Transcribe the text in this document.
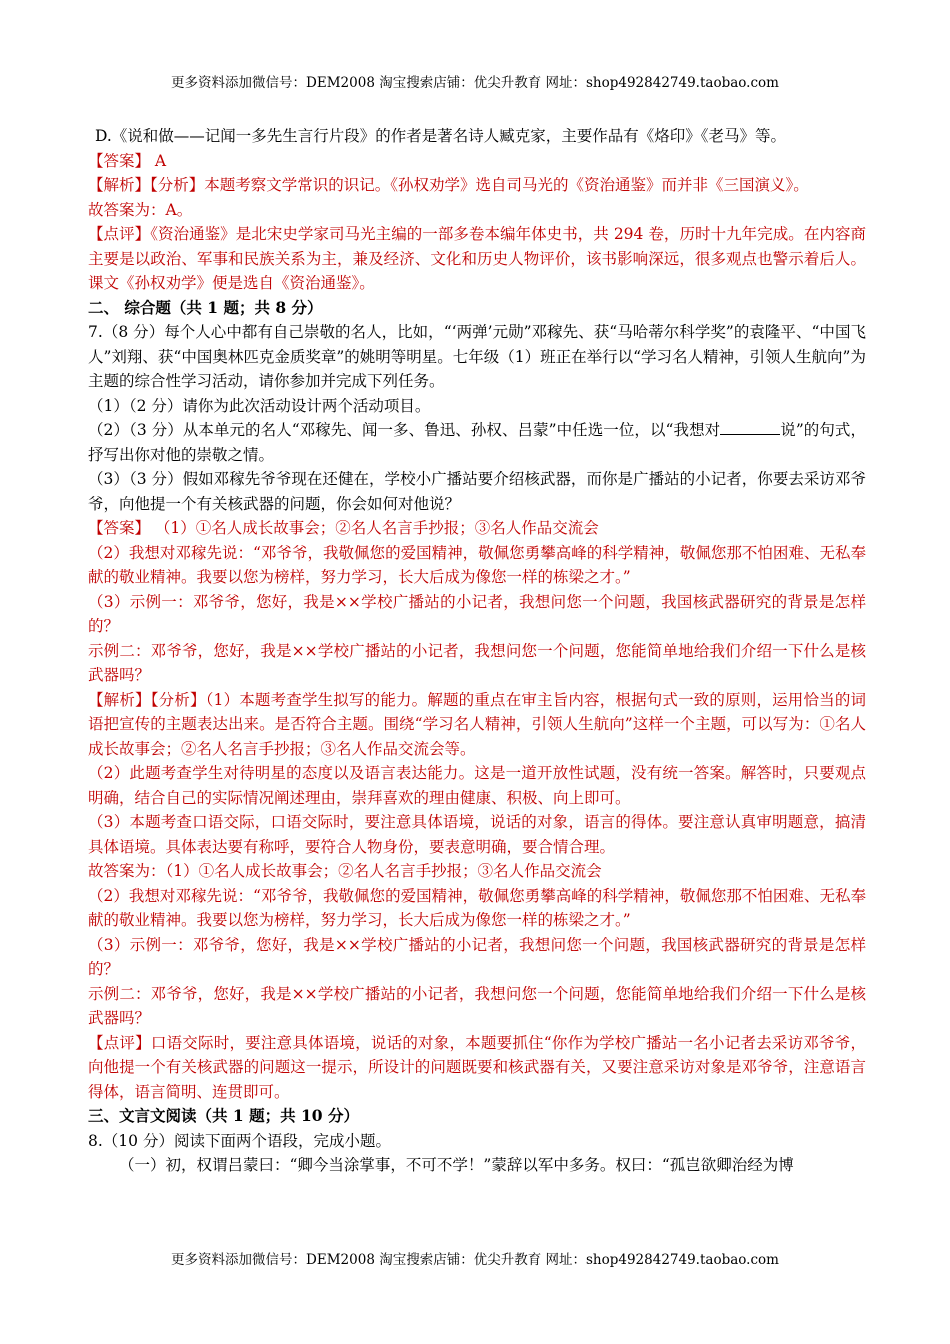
更多资料添加微信号：DEM2008 淘宝搜索店铺：优尖升教育 网址：shop492842749.taobao.com

D.《说和做——记闻一多先生言行片段》的作者是著名诗人臧克家，主要作品有《烙印》《老马》等。

【答案】 A

【解析】【分析】本题考察文学常识的识记。《孙权劝学》选自司马光的《资治通鉴》而并非《三国演义》。

故答案为：A。

【点评】《资治通鉴》是北宋史学家司马光主编的一部多卷本编年体史书，共 294 卷，历时十九年完成。在内容商主要是以政治、军事和民族关系为主，兼及经济、文化和历史人物评价，该书影响深远，很多观点也警示着后人。课文《孙权劝学》便是选自《资治通鉴》。

二、 综合题（共 1 题；共 8 分）

7.（8 分）每个人心中都有自己崇敬的名人，比如，“‘两弹’元勋”邓稼先、获“马哈蒂尔科学奖”的袁隆平、“中国飞人”刘翔、获“中国奥林匹克金质奖章”的姚明等明星。七年级（1）班正在举行以“学习名人精神，引领人生航向”为主题的综合性学习活动，请你参加并完成下列任务。

（1）（2 分）请你为此次活动设计两个活动项目。

（2）（3 分）从本单元的名人“邓稼先、闻一多、鲁迅、孙权、吕蒙”中任选一位，以“我想对	说”的句式，抒写出你对他的崇敬之情。

（3）（3 分）假如邓稼先爷爷现在还健在，学校小广播站要介绍核武器，而你是广播站的小记者，你要去采访邓爷爷，向他提一个有关核武器的问题，你会如何对他说？

【答案】 （1）①名人成长故事会；②名人名言手抄报；③名人作品交流会

（2）我想对邓稼先说：“邓爷爷，我敬佩您的爱国精神，敬佩您勇攀高峰的科学精神，敬佩您那不怕困难、无私奉献的敬业精神。我要以您为榜样，努力学习，长大后成为像您一样的栋梁之才。”

（3）示例一：邓爷爷，您好，我是××学校广播站的小记者，我想问您一个问题，我国核武器研究的背景是怎样的？

示例二：邓爷爷，您好，我是××学校广播站的小记者，我想问您一个问题，您能简单地给我们介绍一下什么是核武器吗？

【解析】【分析】（1）本题考查学生拟写的能力。解题的重点在审主旨内容，根据句式一致的原则，运用恰当的词语把宣传的主题表达出来。是否符合主题。围绕“学习名人精神，引领人生航向”这样一个主题，可以写为：①名人成长故事会；②名人名言手抄报；③名人作品交流会等。

（2）此题考查学生对待明星的态度以及语言表达能力。这是一道开放性试题，没有统一答案。解答时，只要观点明确，结合自己的实际情况阐述理由，崇拜喜欢的理由健康、积极、向上即可。

（3）本题考查口语交际，口语交际时，要注意具体语境，说话的对象，语言的得体。要注意认真审明题意，搞清具体语境。具体表达要有称呼，要符合人物身份，要表意明确，要合情合理。

故答案为：（1）①名人成长故事会；②名人名言手抄报；③名人作品交流会

（2）我想对邓稼先说：“邓爷爷，我敬佩您的爱国精神，敬佩您勇攀高峰的科学精神，敬佩您那不怕困难、无私奉献的敬业精神。我要以您为榜样，努力学习，长大后成为像您一样的栋梁之才。”

（3）示例一：邓爷爷，您好，我是××学校广播站的小记者，我想问您一个问题，我国核武器研究的背景是怎样的？

示例二：邓爷爷，您好，我是××学校广播站的小记者，我想问您一个问题，您能简单地给我们介绍一下什么是核武器吗？

【点评】口语交际时，要注意具体语境，说话的对象，本题要抓住“你作为学校广播站一名小记者去采访邓爷爷，向他提一个有关核武器的问题这一提示，所设计的问题既要和核武器有关，又要注意采访对象是邓爷爷，注意语言得体，语言简明、连贯即可。

三、文言文阅读（共 1 题；共 10 分）

8.（10 分）阅读下面两个语段，完成小题。

（一）初，权谓吕蒙曰：“卿今当涂掌事，不可不学！”蒙辞以军中多务。权曰：“孤岂欲卿治经为博

更多资料添加微信号：DEM2008 淘宝搜索店铺：优尖升教育 网址：shop492842749.taobao.com
